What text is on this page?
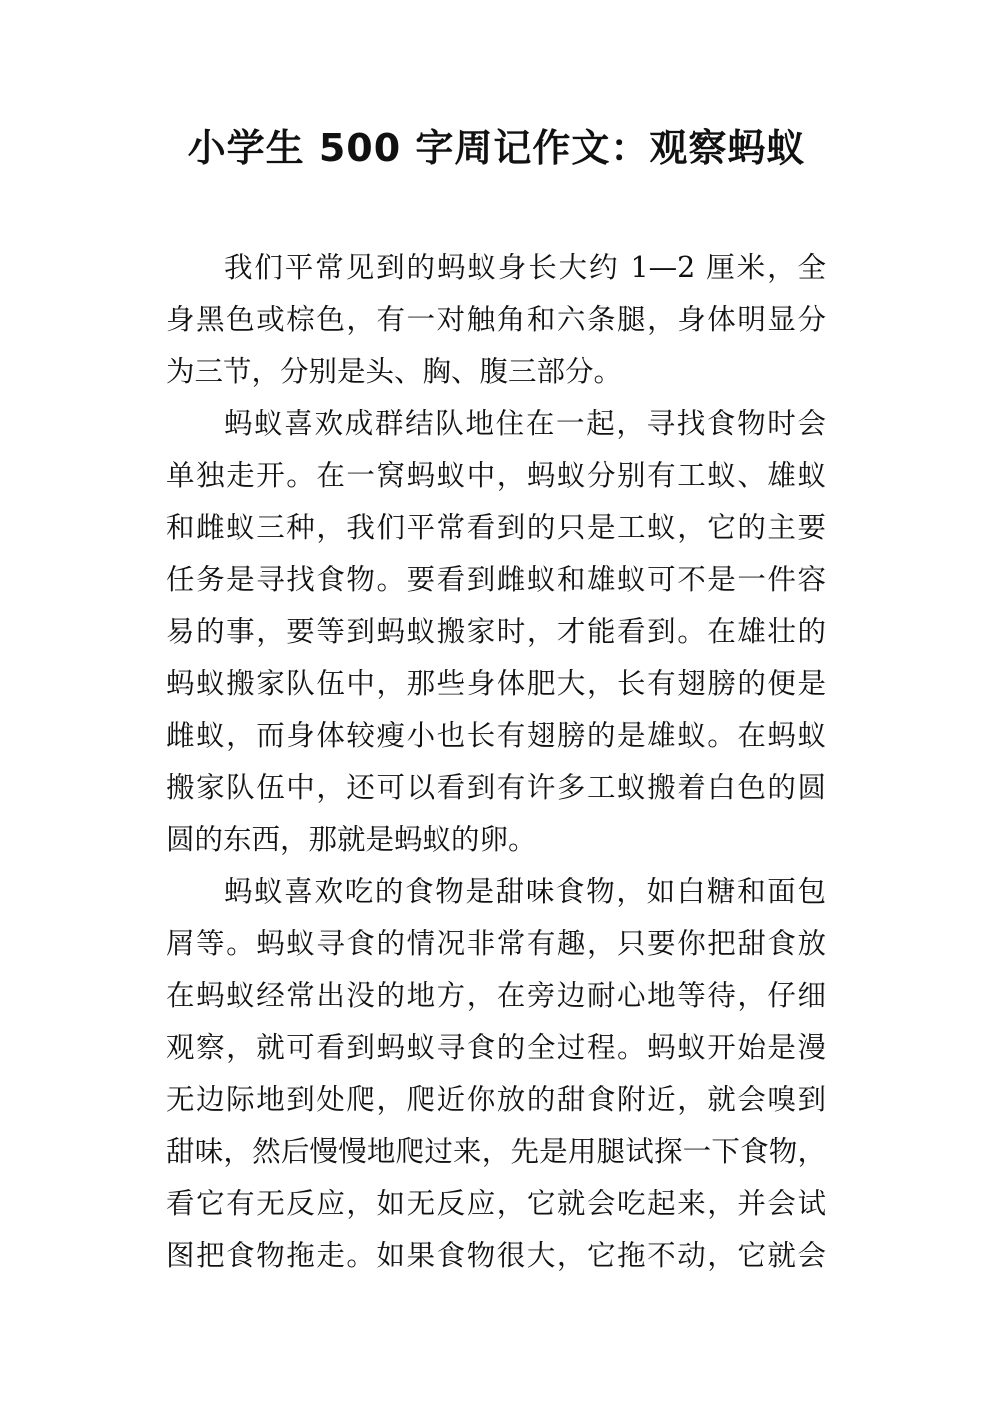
小学生 500 字周记作文：观察蚂蚁
我们平常见到的蚂蚁身长大约 1—2 厘米，全
身黑色或棕色，有一对触角和六条腿，身体明显分
为三节，分别是头、胸、腹三部分。
蚂蚁喜欢成群结队地住在一起，寻找食物时会
单独走开。在一窝蚂蚁中，蚂蚁分别有工蚁、雄蚁
和雌蚁三种，我们平常看到的只是工蚁，它的主要
任务是寻找食物。要看到雌蚁和雄蚁可不是一件容
易的事，要等到蚂蚁搬家时，才能看到。在雄壮的
蚂蚁搬家队伍中，那些身体肥大，长有翅膀的便是
雌蚁，而身体较瘦小也长有翅膀的是雄蚁。在蚂蚁
搬家队伍中，还可以看到有许多工蚁搬着白色的圆
圆的东西，那就是蚂蚁的卵。
蚂蚁喜欢吃的食物是甜味食物，如白糖和面包
屑等。蚂蚁寻食的情况非常有趣，只要你把甜食放
在蚂蚁经常出没的地方，在旁边耐心地等待，仔细
观察，就可看到蚂蚁寻食的全过程。蚂蚁开始是漫
无边际地到处爬，爬近你放的甜食附近，就会嗅到
甜味，然后慢慢地爬过来，先是用腿试探一下食物，
看它有无反应，如无反应，它就会吃起来，并会试
图把食物拖走。如果食物很大，它拖不动，它就会
